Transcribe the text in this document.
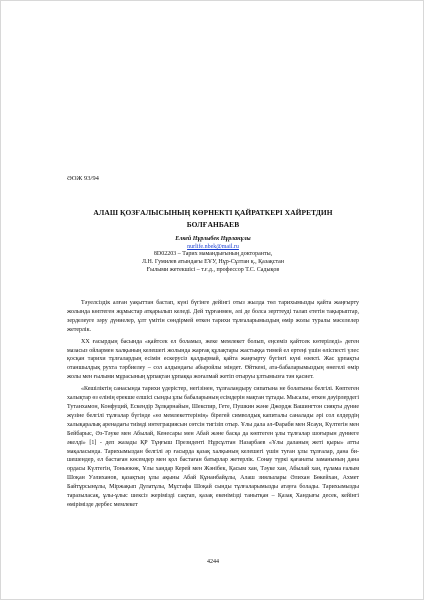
ӘОЖ 93/94
АЛАШ ҚОЗҒАЛЫСЫНЫҢ КӨРНЕКТІ ҚАЙРАТКЕРІ ХАЙРЕТДИН
БОЛҒАНБАЕВ
Елкей Нұрлыбек Нұрланұлы
nurlife.nbek@mail.ru
8D02203 – Тарих мамандығының докторанты,
Л.Н. Гумилев атындағы ЕҰУ, Нұр-Сұлтан қ., Қазақстан
Ғылыми жетекшісі – т.ғ.д., профессор Т.С. Садықов

Тәуелсіздік алған уақыттан бастап, күні бүгінге дейінгі отыз жылда төл тарихымызды қайта жаңғырту жолында көптеген жұмыстар атқарылып келеді. Дей тұрғанмен, әлі де болса зерттеуді талап ететін тақырыптар, зерделеуге зәру дүниелер, ұлт үмітін сөндірмей өткен тарихи тұлғаларымыздың өмір жолы туралы мәселелер жетерлік.

XX ғасырдың басында «қайтсек ел боламыз, жеке мемлекет болып, еңсеміз қайтсек көтеріледі» деген мазасыз ойлармен халқының келешегі жолында жарғақ құлақтары жастыққа тимей ел ертеңі үшін өліспесті үлес қосқан тарихи тұлғалардың есімін ескерусіз қалдырмай, қайта жаңғырту бүгінгі күні өзекті. Жас ұрпақты отаншылдық рухта тәрбиелеу – сол алдындағы абыройлы міндет. Өйткені, ата-бабаларымыздың өнегелі өмір жолы мен ғылыми мұрасының ұрпақтан ұрпаққа жоғалмай жетіп отыруы ұлтымызға тән қасиет.

«Кешіліктің санасында тарихи үдерістер, негізінен, тұлғаландыру сипатына не болатыны белгілі. Көптеген халықтар өз елінің ерекше елшісі сынды ұлы бабаларының есімдерін мақтан тұтады. Мысалы, өткен дәуірлердегі Тутанхамон, Конфуций, Ескендір Зұлқарнайын, Шекспир, Гете, Пушкин және Джордж Вашингтон сияқты дүние жүзіне белгілі тұлғалар бүгінде «өз мемлекеттерінің» бірегей символдық капиталы саналады әрі сол елдердің халықаралық аренадағы тиімді интеграциясын сөтсін тигізіп отыр. Ұлы дала әл-Фараби мен Ясауи, Күлтегін мен Бейбарыс, Әз-Тәуке мен Абылай, Кенесары мен Абай және басқа да көптеген ұлы тұлғалар шоғырын дүниеге әкелді» [1] - деп жазады ҚР Тұңғыш Президенті Нұрсұлтан Назарбаев «Ұлы даланың жеті қыры» атты мақаласында. Тарихымыздан белгілі әр ғасырда қазақ халқының келешегі үшін туған ұлы тұлғалар, дана би-шешендер, ел бастаған көсемдер мен қол бастаған батырлар жетерлік. Сонау түркі қағанаты заманының дана ордасы Күлтегін, Тоньюкөк, Ұлы хандар Керей мен Жәнібек, Қасым хан, Тәуке хан, Абылай хан, ғұлама ғалым Шоқан Уәлиханов, қазақтың ұлы ақыны Абай Құнанбайұлы, Алаш зиялылары Әлихан Бөкейхан, Ахмет Байтұрсынұлы, Міржақып Дулатұлы, Мұстафа Шоқай сынды тұлғаларымызды атауға болады. Тарихымызды таразыласақ, ұлы-ұлыс шексіз жерімізді сақтап, қазақ екенімізді танытқан – Қазақ Хандығы десек, кейінгі өмірімізде дербес мемлекет

4244
